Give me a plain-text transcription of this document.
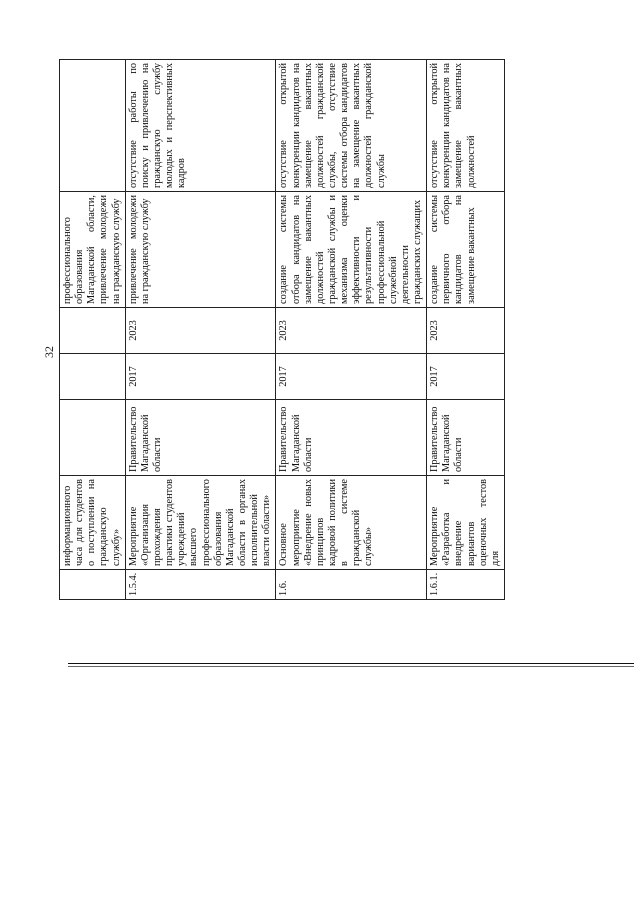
32
	информационного часа для студентов о поступлении на гражданскую службу»				профессионального образования Магаданской области, привлечение молодежи на гражданскую службу	
1.5.4.	Мероприятие «Организация прохождения практики студентов учреждений высшего профессионального образования Магаданской области в органах исполнительной власти области»	Правительство Магаданской области	2017	2023	привлечение молодежи на гражданскую службу	отсутствие работы по поиску и привлечению на гражданскую службу молодых и перспективных кадров
1.6.	Основное мероприятие «Внедрение новых принципов кадровой политики в системе гражданской службы»	Правительство Магаданской области	2017	2023	создание системы отбора кандидатов на замещение вакантных должностей гражданской службы и механизма оценки эффективности и результативности профессиональной служебной деятельности гражданских служащих	отсутствие открытой конкуренции кандидатов на замещение вакантных должностей гражданской службы, отсутствие системы отбора кандидатов на замещение вакантных должностей гражданской службы
1.6.1.	Мероприятие «Разработка и внедрение вариантов оценочных тестов для	Правительство Магаданской области	2017	2023	создание системы первичного отбора кандидатов на замещение вакантных	отсутствие открытой конкуренции кандидатов на замещение вакантных должностей
